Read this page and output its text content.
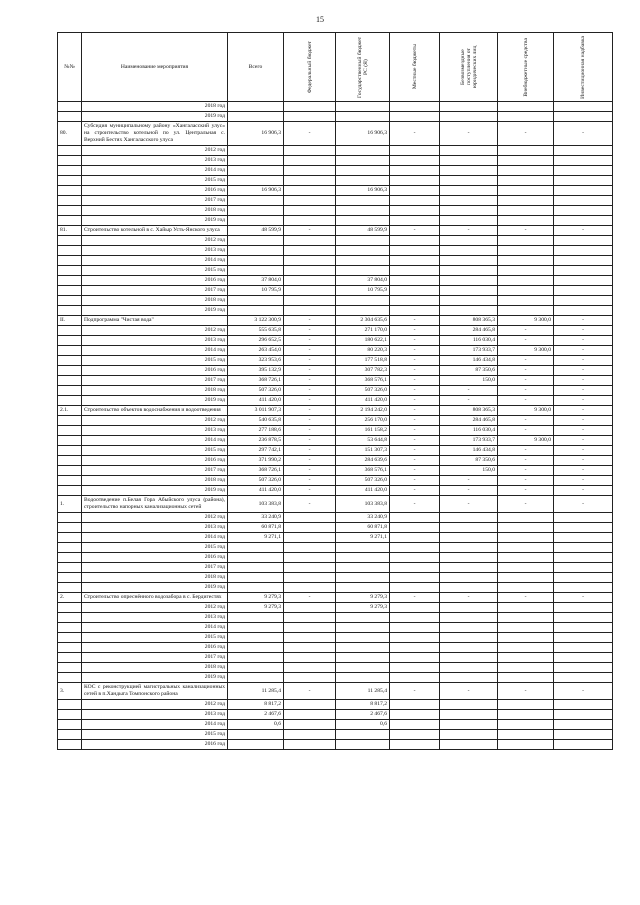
15
№№	Наименование мероприятия	Всего	Федеральный бюджет	Государственный бюджет РС (Я)	Местные бюджеты	Безвозмездные поступления от юридических лиц	Внебюджетные средства	Инвестиционная надбавка

	2018 год							
	2019 год							
80.	Субсидия муниципальному району «Хангаласский улус» на строительство котельной по ул. Центральная с. Верхний Бестях Хангаласского улуса	16 906,3	-	16 906,3	-	-	-	-
	2012 год							
	2013 год							
	2014 год							
	2015 год							
	2016 год	16 906,3		16 906,3				
	2017 год							
	2018 год							
	2019 год							
81.	Строительство котельной в с. Хайыр Усть-Янского улуса	48 599,9	-	48 599,9	-	-	-	-
	2012 год							
	2013 год							
	2014 год							
	2015 год							
	2016 год	37 804,0		37 804,0				
	2017 год	10 795,9		10 795,9				
	2018 год							
	2019 год							
II.	Подпрограмма "Чистая вода"	3 122 300,9	-	2 304 635,6	-	808 365,3	9 300,0	-
	2012 год	555 635,8	-	271 170,0	-	284 465,8	-	-
	2013 год	296 652,5	-	180 622,1	-	116 030,4	-	-
	2014 год	263 454,0	-	80 220,3	-	173 933,7	9 300,0	-
	2015 год	323 953,6	-	177 518,8	-	146 434,8	-	-
	2016 год	395 132,9	-	307 782,3	-	87 350,6	-	-
	2017 год	368 726,1	-	368 576,1	-	150,0	-	-
	2018 год	507 326,0	-	507 326,0	-	-	-	-
	2019 год	411 420,0	-	411 420,0	-	-	-	-
2.1.	Строительство объектов водоснабжения и водоотведения	3 011 907,3	-	2 194 242,0	-	808 365,3	9 300,0	-
	2012 год	540 635,8	-	256 170,0	-	284 465,8	-	-
	2013 год	277 188,6	-	161 158,2	-	116 030,4	-	-
	2014 год	236 878,5	-	53 644,8	-	173 933,7	9 300,0	-
	2015 год	297 742,1	-	151 307,3	-	146 434,8	-	-
	2016 год	371 990,2	-	284 639,6	-	87 350,6	-	-
	2017 год	368 726,1	-	368 576,1	-	150,0	-	-
	2018 год	507 326,0	-	507 326,0	-	-	-	-
	2019 год	411 420,0	-	411 420,0	-	-	-	-
1.	Водоотведение п.Белая Гора Абыйского улуса (района), строительство напорных канализационных сетей	103 383,8	-	103 383,8	-	-	-	-
	2012 год	33 240,9		33 240,9				
	2013 год	60 871,8		60 871,8				
	2014 год	9 271,1		9 271,1				
	2015 год							
	2016 год							
	2017 год							
	2018 год							
	2019 год							
2.	Строительство опреснённого водозабора в с. Бердигестях	9 279,3	-	9 279,3	-	-	-	-
	2012 год	9 279,3		9 279,3				
	2013 год							
	2014 год							
	2015 год							
	2016 год							
	2017 год							
	2018 год							
	2019 год							
3.	КОС с реконструкцией магистральных канализационных сетей в п.Хандыга Томпонского района	11 285,4	-	11 285,4	-	-	-	-
	2012 год	8 817,2		8 817,2				
	2013 год	2 467,6		2 467,6				
	2014 год	0,6		0,6				
	2015 год							
	2016 год							
